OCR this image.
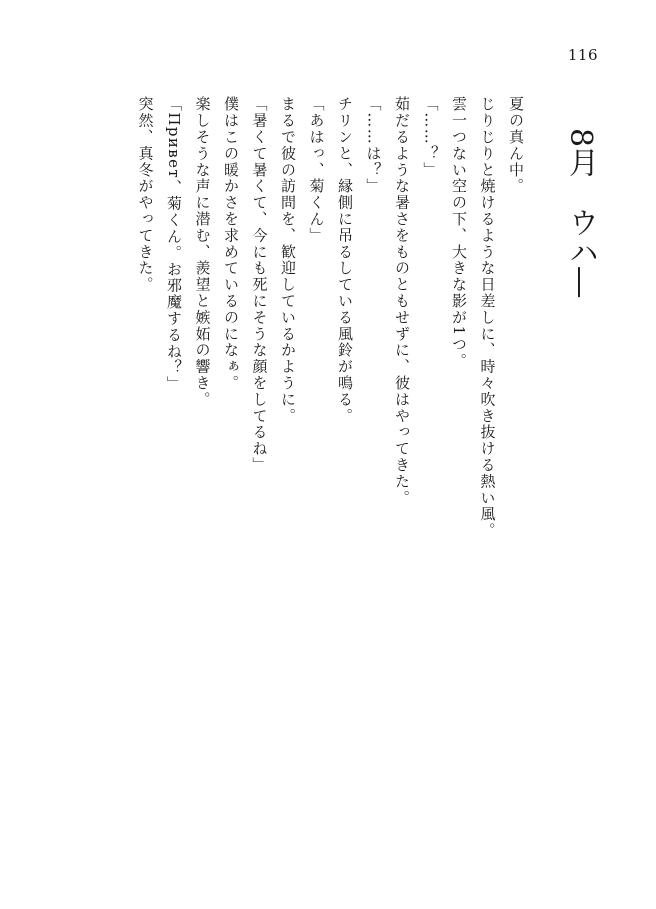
116
8月　ウハ―

夏の真ん中。

じりじりと焼けるような日差しに、時々吹き抜ける熱い風。

雲一つない空の下、大きな影が1つ。

「……？」

茹だるような暑さをものともせずに、彼はやってきた。

「……は？」

チリンと、縁側に吊るしている風鈴が鳴る。

「あはっ、菊くん」

まるで彼の訪問を、歓迎しているかように。

「暑くて暑くて、今にも死にそうな顔をしてるね」

僕はこの暖かさを求めているのになぁ。

楽しそうな声に潜む、羨望と嫉妬の響き。

「Привет、菊くん。お邪魔するね？」

突然、真冬がやってきた。
